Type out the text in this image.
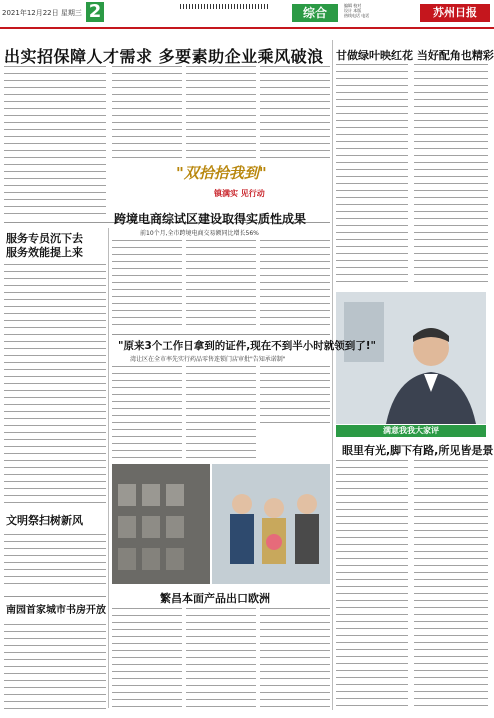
2021年12月22日 星期三 2	综合
编辑 校对
设计 本版
热线电话 电话	苏州日报
出实招保障人才需求 多要素助企业乘风破浪 甘做绿叶映红花 当好配角也精彩
"双拾拾我到"
镇满实 见行动
满意我我大家评
服务专员沉下去
服务效能提上来
跨境电商综试区建设取得实质性成果
前10个月,全市跨境电商交易额同比增长56%
"原来3个工作日拿到的证件,现在不到半小时就领到了!"
湾让区在全市率先实行药品零售连锁门店审批"告知承诺制"
文明祭扫树新风
南园首家城市书房开放
繁昌本面产品出口欧洲
眼里有光,脚下有路,所见皆是景
